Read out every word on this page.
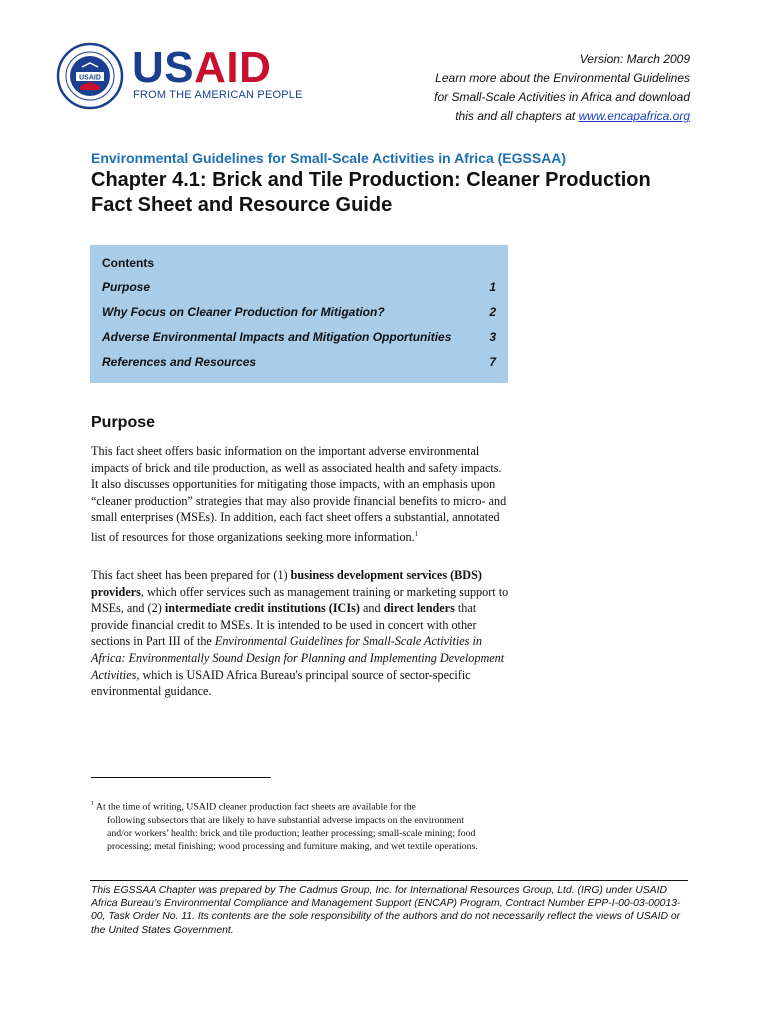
USAID USAID
FROM THE AMERICAN PEOPLE
Version: March 2009
Learn more about the Environmental Guidelines
for Small-Scale Activities in Africa and download
this and all chapters at www.encapafrica.org
Environmental Guidelines for Small-Scale Activities in Africa (EGSSAA)
Chapter 4.1: Brick and Tile Production: Cleaner Production
Fact Sheet and Resource Guide
Contents
Purpose	1
Why Focus on Cleaner Production for Mitigation?	2
Adverse Environmental Impacts and Mitigation Opportunities	3
References and Resources	7
Purpose
This fact sheet offers basic information on the important adverse environmental impacts of brick and tile production, as well as associated health and safety impacts. It also discusses opportunities for mitigating those impacts, with an emphasis upon “cleaner production” strategies that may also provide financial benefits to micro- and small enterprises (MSEs). In addition, each fact sheet offers a substantial, annotated list of resources for those organizations seeking more information.$^1$
This fact sheet has been prepared for (1) business development services (BDS) providers, which offer services such as management training or marketing support to MSEs, and (2) intermediate credit institutions (ICIs) and direct lenders that provide financial credit to MSEs. It is intended to be used in concert with other sections in Part III of the Environmental Guidelines for Small-Scale Activities in Africa: Environmentally Sound Design for Planning and Implementing Development Activities, which is USAID Africa Bureau's principal source of sector-specific environmental guidance.
$^1$ At the time of writing, USAID cleaner production fact sheets are available for the
following subsectors that are likely to have substantial adverse impacts on the environment and/or workers’ health: brick and tile production; leather processing; small-scale mining; food processing; metal finishing; wood processing and furniture making, and wet textile operations.
This EGSSAA Chapter was prepared by The Cadmus Group, Inc. for International Resources Group, Ltd. (IRG) under USAID Africa Bureau’s Environmental Compliance and Management Support (ENCAP) Program, Contract Number EPP-I-00-03-00013-00, Task Order No. 11. Its contents are the sole responsibility of the authors and do not necessarily reflect the views of USAID or the United States Government.
